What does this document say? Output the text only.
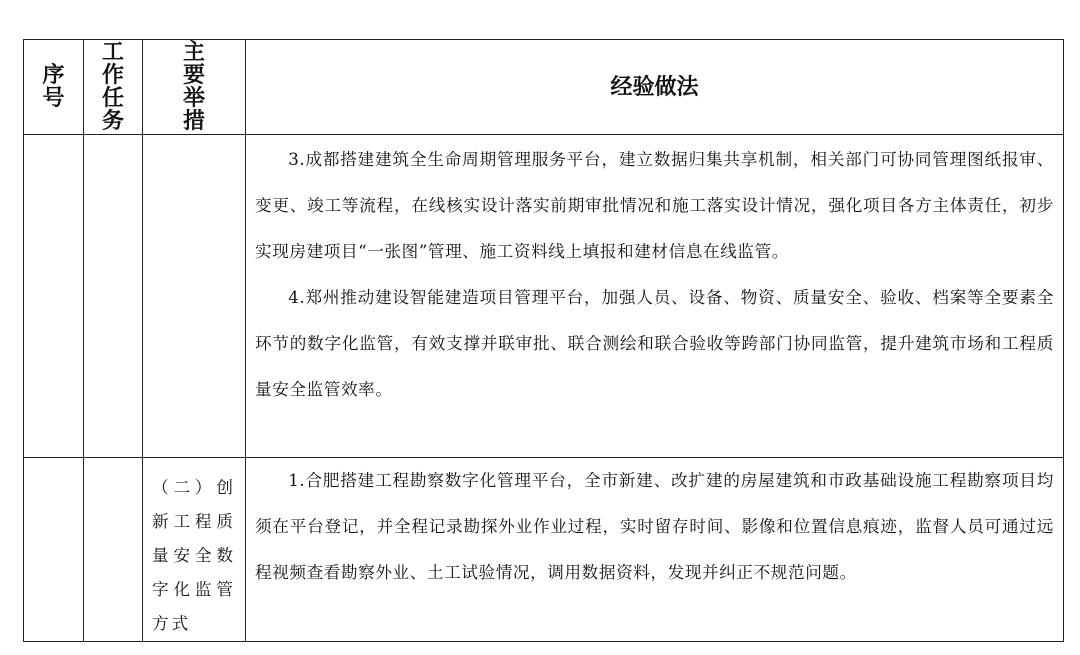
序号	工作任务	主要举措	经验做法

			3.成都搭建建筑全生命周期管理服务平台，建立数据归集共享机制，相关部门可协同管理图纸报审、变更、竣工等流程，在线核实设计落实前期审批情况和施工落实设计情况，强化项目各方主体责任，初步实现房建项目“一张图”管理、施工资料线上填报和建材信息在线监管。

4.郑州推动建设智能建造项目管理平台，加强人员、设备、物资、质量安全、验收、档案等全要素全环节的数字化监管，有效支撑并联审批、联合测绘和联合验收等跨部门协同监管，提升建筑市场和工程质量安全监管效率。

		（二）创新工程质量安全数字化监管方式	1.合肥搭建工程勘察数字化管理平台，全市新建、改扩建的房屋建筑和市政基础设施工程勘察项目均须在平台登记，并全程记录勘探外业作业过程，实时留存时间、影像和位置信息痕迹，监督人员可通过远程视频查看勘察外业、土工试验情况，调用数据资料，发现并纠正不规范问题。
